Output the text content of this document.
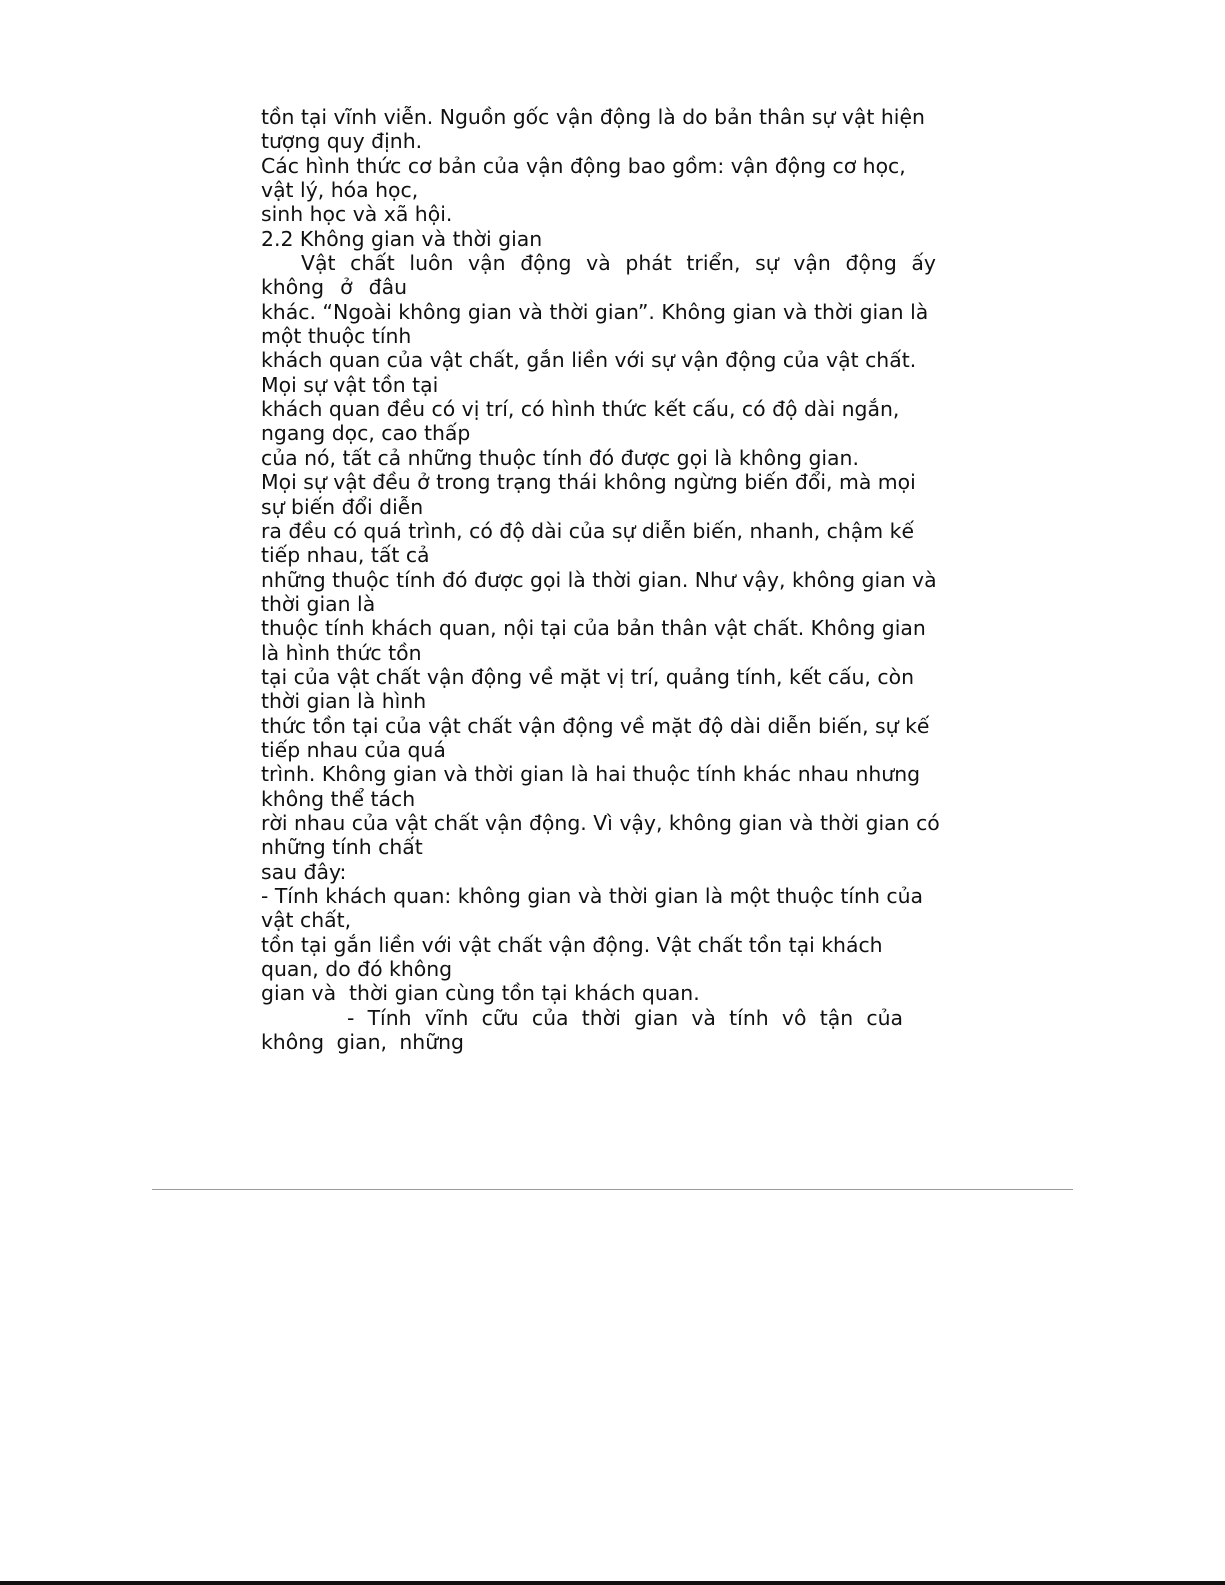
tồn tại vĩnh viễn. Nguồn gốc vận động là do bản thân sự vật hiện
tượng quy định.
Các hình thức cơ bản của vận động bao gồm: vận động cơ học,
vật lý, hóa học,
sinh học và xã hội.
2.2 Không gian và thời gian
Vật chất luôn vận động và phát triển, sự vận động ấy
không ở đâu
khác. “Ngoài không gian và thời gian”. Không gian và thời gian là
một thuộc tính
khách quan của vật chất, gắn liền với sự vận động của vật chất.
Mọi sự vật tồn tại
khách quan đều có vị trí, có hình thức kết cấu, có độ dài ngắn,
ngang dọc, cao thấp
của nó, tất cả những thuộc tính đó được gọi là không gian.
Mọi sự vật đều ở trong trạng thái không ngừng biến đổi, mà mọi
sự biến đổi diễn
ra đều có quá trình, có độ dài của sự diễn biến, nhanh, chậm kế
tiếp nhau, tất cả
những thuộc tính đó được gọi là thời gian. Như vậy, không gian và
thời gian là
thuộc tính khách quan, nội tại của bản thân vật chất. Không gian
là hình thức tồn
tại của vật chất vận động về mặt vị trí, quảng tính, kết cấu, còn
thời gian là hình
thức tồn tại của vật chất vận động về mặt độ dài diễn biến, sự kế
tiếp nhau của quá
trình. Không gian và thời gian là hai thuộc tính khác nhau nhưng
không thể tách
rời nhau của vật chất vận động. Vì vậy, không gian và thời gian có
những tính chất
sau đây:
- Tính khách quan: không gian và thời gian là một thuộc tính của
vật chất,
tồn tại gắn liền với vật chất vận động. Vật chất tồn tại khách
quan, do đó không
gian và  thời gian cùng tồn tại khách quan.
- Tính vĩnh cữu của thời gian và tính vô tận của
không gian, những
